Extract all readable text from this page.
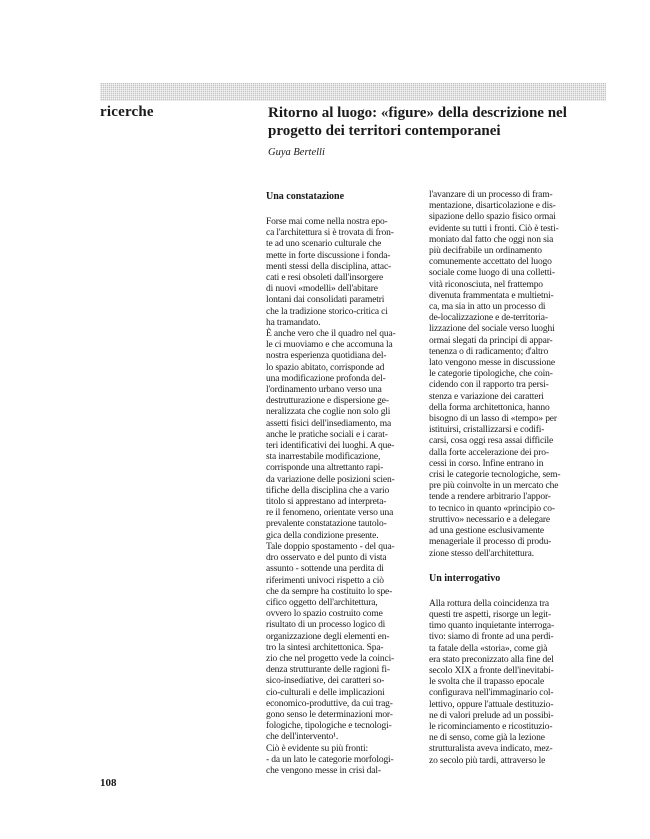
ricerche	Ritorno al luogo: «figure» della descrizione nel progetto dei territori contemporanei

Guya Bertelli

Una constatazione

Forse mai come nella nostra epo-
ca l'architettura si è trovata di fron-
te ad uno scenario culturale che
mette in forte discussione i fonda-
menti stessi della disciplina, attac-
cati e resi obsoleti dall'insorgere
di nuovi «modelli» dell'abitare
lontani dai consolidati parametri
che la tradizione storico-critica ci
ha tramandato.

È anche vero che il quadro nel qua-
le ci muoviamo e che accomuna la
nostra esperienza quotidiana del-
lo spazio abitato, corrisponde ad
una modificazione profonda del-
l'ordinamento urbano verso una
destrutturazione e dispersione ge-
neralizzata che coglie non solo gli
assetti fisici dell'insediamento, ma
anche le pratiche sociali e i carat-
teri identificativi dei luoghi. A que-
sta inarrestabile modificazione,
corrisponde una altrettanto rapi-
da variazione delle posizioni scien-
tifiche della disciplina che a vario
titolo si apprestano ad interpreta-
re il fenomeno, orientate verso una
prevalente constatazione tautolo-
gica della condizione presente.

Tale doppio spostamento - del qua-
dro osservato e del punto di vista
assunto - sottende una perdita di
riferimenti univoci rispetto a ciò
che da sempre ha costituito lo spe-
cifico oggetto dell'architettura,
ovvero lo spazio costruito come
risultato di un processo logico di
organizzazione degli elementi en-
tro la sintesi architettonica. Spa-
zio che nel progetto vede la coinci-
denza strutturante delle ragioni fi-
sico-insediative, dei caratteri so-
cio-culturali e delle implicazioni
economico-produttive, da cui trag-
gono senso le determinazioni mor-
fologiche, tipologiche e tecnologi-
che dell'intervento¹.

Ciò è evidente su più fronti:
- da un lato le categorie morfologi-
che vengono messe in crisi dal-

l'avanzare di un processo di fram-
mentazione, disarticolazione e dis-
sipazione dello spazio fisico ormai
evidente su tutti i fronti. Ciò è testi-
moniato dal fatto che oggi non sia
più decifrabile un ordinamento
comunemente accettato del luogo
sociale come luogo di una colletti-
vità riconosciuta, nel frattempo
divenuta frammentata e multietni-
ca, ma sia in atto un processo di
de-localizzazione e de-territoria-
lizzazione del sociale verso luoghi
ormai slegati da principi di appar-
tenenza o di radicamento; d'altro
lato vengono messe in discussione
le categorie tipologiche, che coin-
cidendo con il rapporto tra persi-
stenza e variazione dei caratteri
della forma architettonica, hanno
bisogno di un lasso di «tempo» per
istituirsi, cristallizzarsi e codifi-
carsi, cosa oggi resa assai difficile
dalla forte accelerazione dei pro-
cessi in corso. Infine entrano in
crisi le categorie tecnologiche, sem-
pre più coinvolte in un mercato che
tende a rendere arbitrario l'appor-
to tecnico in quanto «principio co-
struttivo» necessario e a delegare
ad una gestione esclusivamente
menageriale il processo di produ-
zione stesso dell'architettura.

Un interrogativo

Alla rottura della coincidenza tra
questi tre aspetti, risorge un legit-
timo quanto inquietante interroga-
tivo: siamo di fronte ad una perdi-
ta fatale della «storia», come già
era stato preconizzato alla fine del
secolo XIX a fronte dell'inevitabi-
le svolta che il trapasso epocale
configurava nell'immaginario col-
lettivo, oppure l'attuale destituzio-
ne di valori prelude ad un possibi-
le ricominciamento e ricostituzio-
ne di senso, come già la lezione
strutturalista aveva indicato, mez-
zo secolo più tardi, attraverso le

108
